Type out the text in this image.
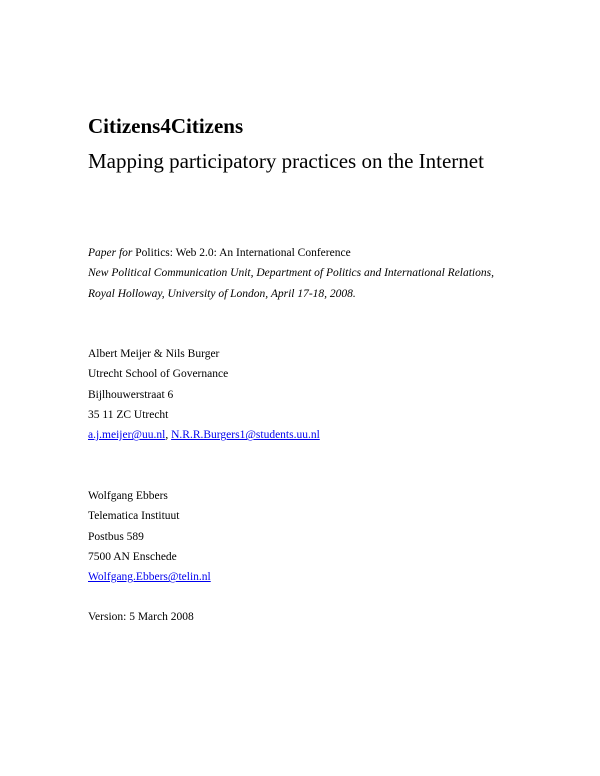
Citizens4Citizens
Mapping participatory practices on the Internet
Paper for Politics: Web 2.0: An International Conference
New Political Communication Unit, Department of Politics and International Relations,
Royal Holloway, University of London, April 17-18, 2008.
Albert Meijer & Nils Burger
Utrecht School of Governance
Bijlhouwerstraat 6
35 11 ZC Utrecht
a.j.meijer@uu.nl, N.R.R.Burgers1@students.uu.nl
Wolfgang Ebbers
Telematica Instituut
Postbus 589
7500 AN Enschede
Wolfgang.Ebbers@telin.nl
Version: 5 March 2008
